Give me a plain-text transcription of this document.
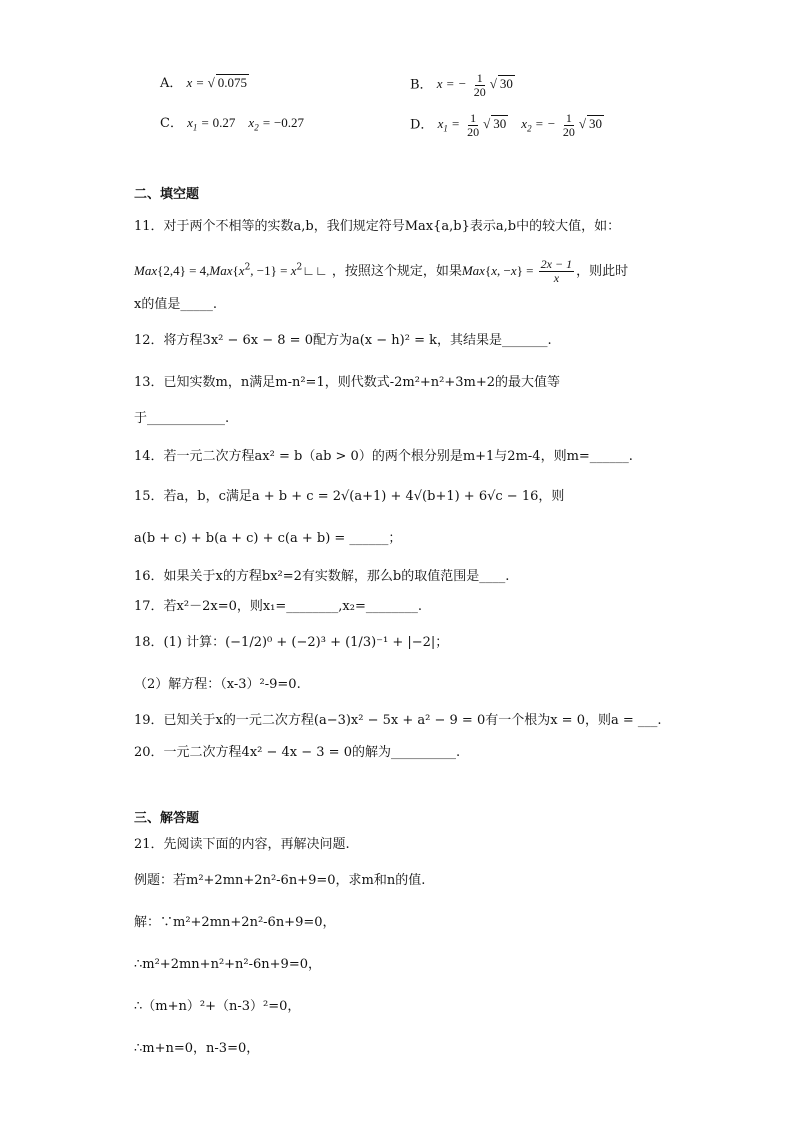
A． x = √ 0.075	B． x = − $\frac{1}{20}$ √ 30
C． $x_1 = 0.27$    $x_2 = -0.27$	D． $x_1 = \frac{1}{20}$ √ 30    $x_2$ = − $\frac{1}{20}$ √ 30
二、填空题
11．对于两个不相等的实数a,b，我们规定符号Max{a,b}表示a,b中的较大值，如：
$Max\{2,4\} = 4,Max\{x^2$, $-1\} = x^2∟∟$ ，按照这个规定，如果Max{x, $-x\} = \frac{2x - 1}{x}$ ，则此时
x的值是_____.
12．将方程3x² − 6x − 8 = 0配方为a(x − h)² = k，其结果是_______.
13．已知实数m，n满足m-n²=1，则代数式-2m²+n²+3m+2的最大值等
于____________.
14．若一元二次方程ax² = b（ab > 0）的两个根分别是m+1与2m-4，则m=______.
15．若a，b，c满足a + b + c = 2√(a+1) + 4√(b+1) + 6√c − 16，则
a(b + c) + b(a + c) + c(a + b) = ______；
16．如果关于x的方程bx²=2有实数解，那么b的取值范围是____.
17．若x²－2x=0，则x₁=________,x₂=________.
18．(1) 计算：(−1/2)⁰ + (−2)³ + (1/3)⁻¹ + |−2|；
（2）解方程：（x-3）²-9=0.
19．已知关于x的一元二次方程(a−3)x² − 5x + a² − 9 = 0有一个根为x = 0，则a = ___.
20．一元二次方程4x² − 4x − 3 = 0的解为__________.
三、解答题
21．先阅读下面的内容，再解决问题.
例题：若m²+2mn+2n²-6n+9=0，求m和n的值.
解：∵m²+2mn+2n²-6n+9=0，
∴m²+2mn+n²+n²-6n+9=0，
∴（m+n）²+（n-3）²=0，
∴m+n=0，n-3=0，
